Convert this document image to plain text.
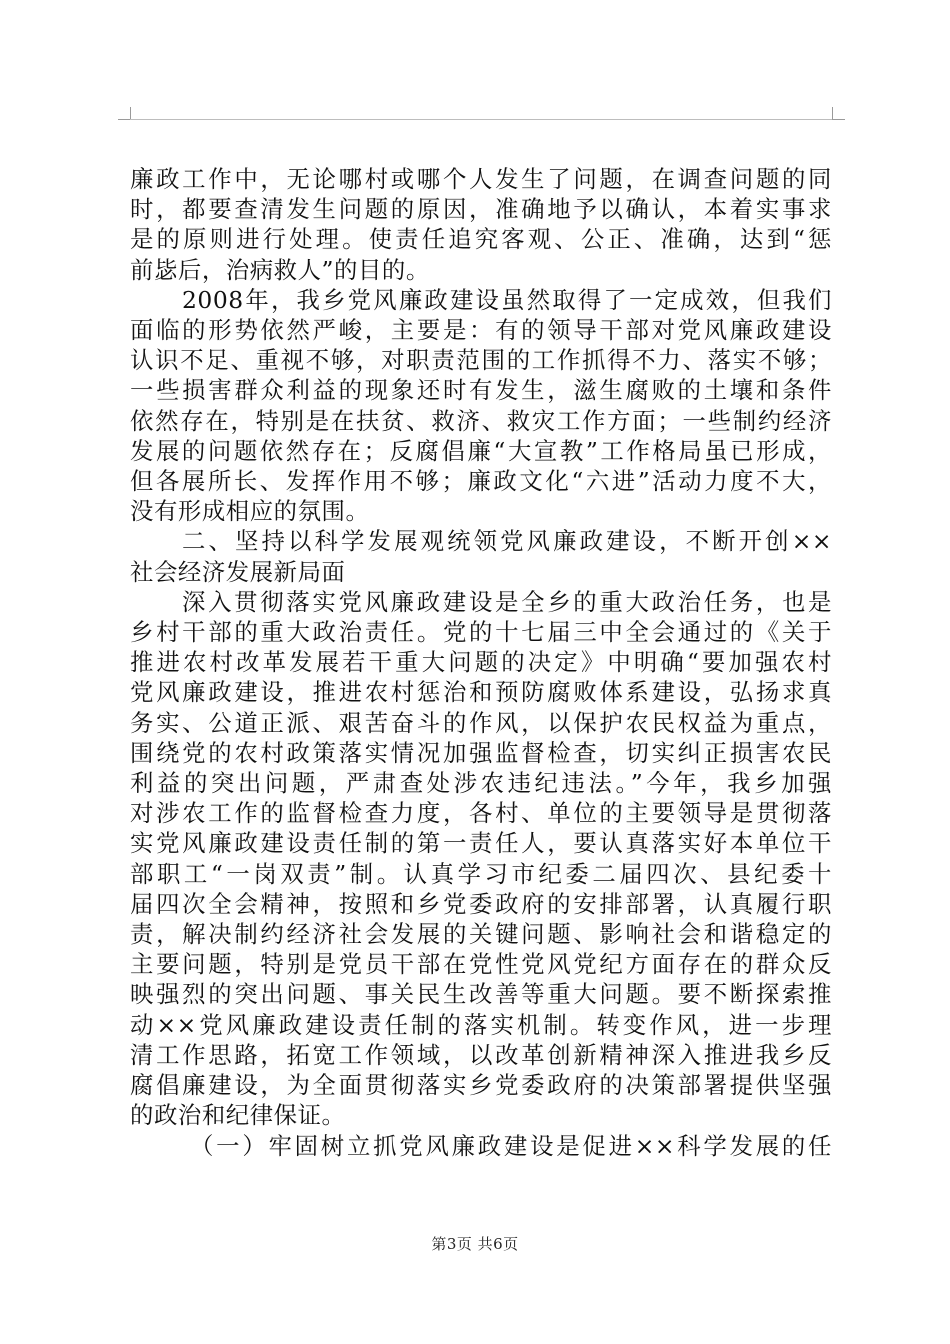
廉政工作中，无论哪村或哪个人发生了问题，在调查问题的同
时，都要查清发生问题的原因，准确地予以确认，本着实事求
是的原则进行处理。使责任追究客观、公正、准确，达到“惩
前毖后，治病救人”的目的。
2008年，我乡党风廉政建设虽然取得了一定成效，但我们
面临的形势依然严峻，主要是：有的领导干部对党风廉政建设
认识不足、重视不够，对职责范围的工作抓得不力、落实不够；
一些损害群众利益的现象还时有发生，滋生腐败的土壤和条件
依然存在，特别是在扶贫、救济、救灾工作方面；一些制约经济
发展的问题依然存在；反腐倡廉“大宣教”工作格局虽已形成，
但各展所长、发挥作用不够；廉政文化“六进”活动力度不大，
没有形成相应的氛围。
二、坚持以科学发展观统领党风廉政建设，不断开创××
社会经济发展新局面
深入贯彻落实党风廉政建设是全乡的重大政治任务，也是
乡村干部的重大政治责任。党的十七届三中全会通过的《关于
推进农村改革发展若干重大问题的决定》中明确“要加强农村
党风廉政建设，推进农村惩治和预防腐败体系建设，弘扬求真
务实、公道正派、艰苦奋斗的作风，以保护农民权益为重点，
围绕党的农村政策落实情况加强监督检查，切实纠正损害农民
利益的突出问题，严肃查处涉农违纪违法。”今年，我乡加强
对涉农工作的监督检查力度，各村、单位的主要领导是贯彻落
实党风廉政建设责任制的第一责任人，要认真落实好本单位干
部职工“一岗双责”制。认真学习市纪委二届四次、县纪委十
届四次全会精神，按照和乡党委政府的安排部署，认真履行职
责，解决制约经济社会发展的关键问题、影响社会和谐稳定的
主要问题，特别是党员干部在党性党风党纪方面存在的群众反
映强烈的突出问题、事关民生改善等重大问题。要不断探索推
动××党风廉政建设责任制的落实机制。转变作风，进一步理
清工作思路，拓宽工作领域，以改革创新精神深入推进我乡反
腐倡廉建设，为全面贯彻落实乡党委政府的决策部署提供坚强
的政治和纪律保证。
（一）牢固树立抓党风廉政建设是促进××科学发展的任
第3页 共6页
